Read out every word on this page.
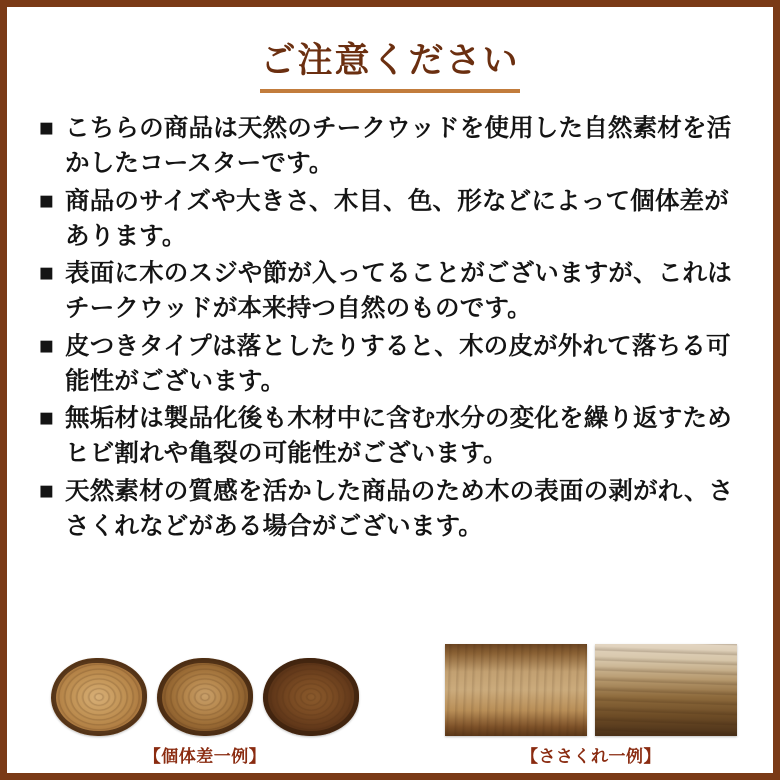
ご注意ください
■ こちらの商品は天然のチークウッドを使用した自然素材を活かしたコースターです。
■ 商品のサイズや大きさ、木目、色、形などによって個体差があります。
■ 表面に木のスジや節が入ってることがございますが、これはチークウッドが本来持つ自然のものです。
■ 皮つきタイプは落としたりすると、木の皮が外れて落ちる可能性がございます。
■ 無垢材は製品化後も木材中に含む水分の変化を繰り返すためヒビ割れや亀裂の可能性がございます。
■ 天然素材の質感を活かした商品のため木の表面の剥がれ、ささくれなどがある場合がございます。
【個体差一例】	【ささくれ一例】
